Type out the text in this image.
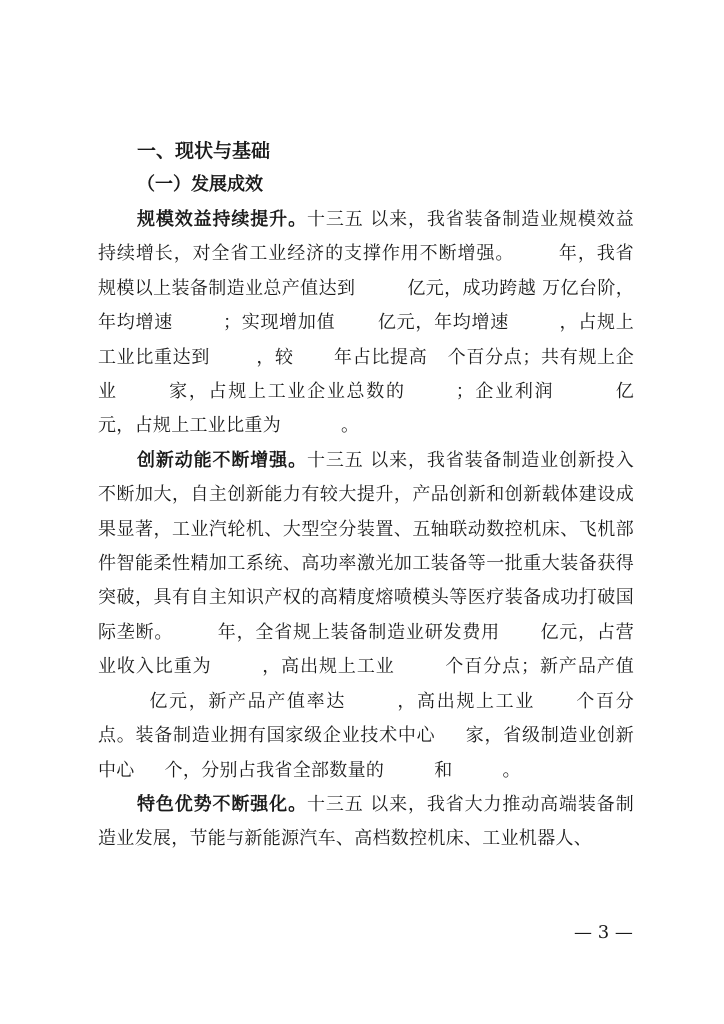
一、现状与基础
（一）发展成效

规模效益持续提升。十三五 以来，我省装备制造业规模效益持续增长，对全省工业经济的支撑作用不断增强。 年，我省规模以上装备制造业总产值达到	亿元，成功跨越 万亿台阶，年均增速	；实现增加值 亿元，年均增速	，占规上工业比重达到	，较 年占比提高 个百分点；共有规上企业	家，占规上工业企业总数的	；企业利润	亿元，占规上工业比重为	。

创新动能不断增强。十三五 以来，我省装备制造业创新投入不断加大，自主创新能力有较大提升，产品创新和创新载体建设成果显著，工业汽轮机、大型空分装置、五轴联动数控机床、飞机部件智能柔性精加工系统、高功率激光加工装备等一批重大装备获得突破，具有自主知识产权的高精度熔喷模头等医疗装备成功打破国际垄断。 年，全省规上装备制造业研发费用 亿元，占营业收入比重为	，高出规上工业	个百分点；新产品产值亿元，新产品产值率达	，高出规上工业 个百分点。装备制造业拥有国家级企业技术中心 家，省级制造业创新中心 个，分别占我省全部数量的	和	。

特色优势不断强化。十三五 以来，我省大力推动高端装备制造业发展，节能与新能源汽车、高档数控机床、工业机器人、

— 3 —
